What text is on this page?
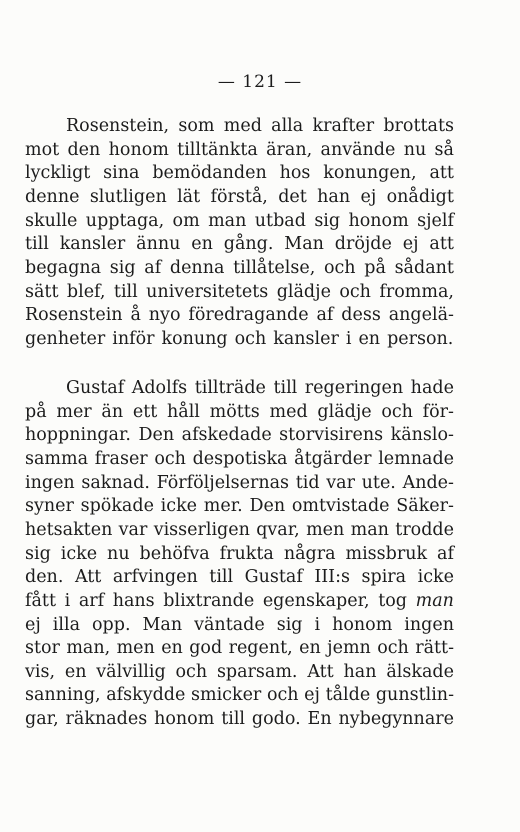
— 121 —
Rosenstein, som med alla krafter brottats
mot den honom tilltänkta äran, använde nu så
lyckligt sina bemödanden hos konungen, att
denne slutligen lät förstå, det han ej onådigt
skulle upptaga, om man utbad sig honom sjelf
till kansler ännu en gång. Man dröjde ej att
begagna sig af denna tillåtelse, och på sådant
sätt blef, till universitetets glädje och fromma,
Rosenstein å nyo föredragande af dess angelä-
genheter inför konung och kansler i en person.
Gustaf Adolfs tillträde till regeringen hade
på mer än ett håll mötts med glädje och för-
hoppningar. Den afskedade storvisirens känslo-
samma fraser och despotiska åtgärder lemnade
ingen saknad. Förföljelsernas tid var ute. Ande-
syner spökade icke mer. Den omtvistade Säker-
hetsakten var visserligen qvar, men man trodde
sig icke nu behöfva frukta några missbruk af
den. Att arfvingen till Gustaf III:s spira icke
fått i arf hans blixtrande egenskaper, tog man
ej illa opp. Man väntade sig i honom ingen
stor man, men en god regent, en jemn och rätt-
vis, en välvillig och sparsam. Att han älskade
sanning, afskydde smicker och ej tålde gunstlin-
gar, räknades honom till godo. En nybegynnare
